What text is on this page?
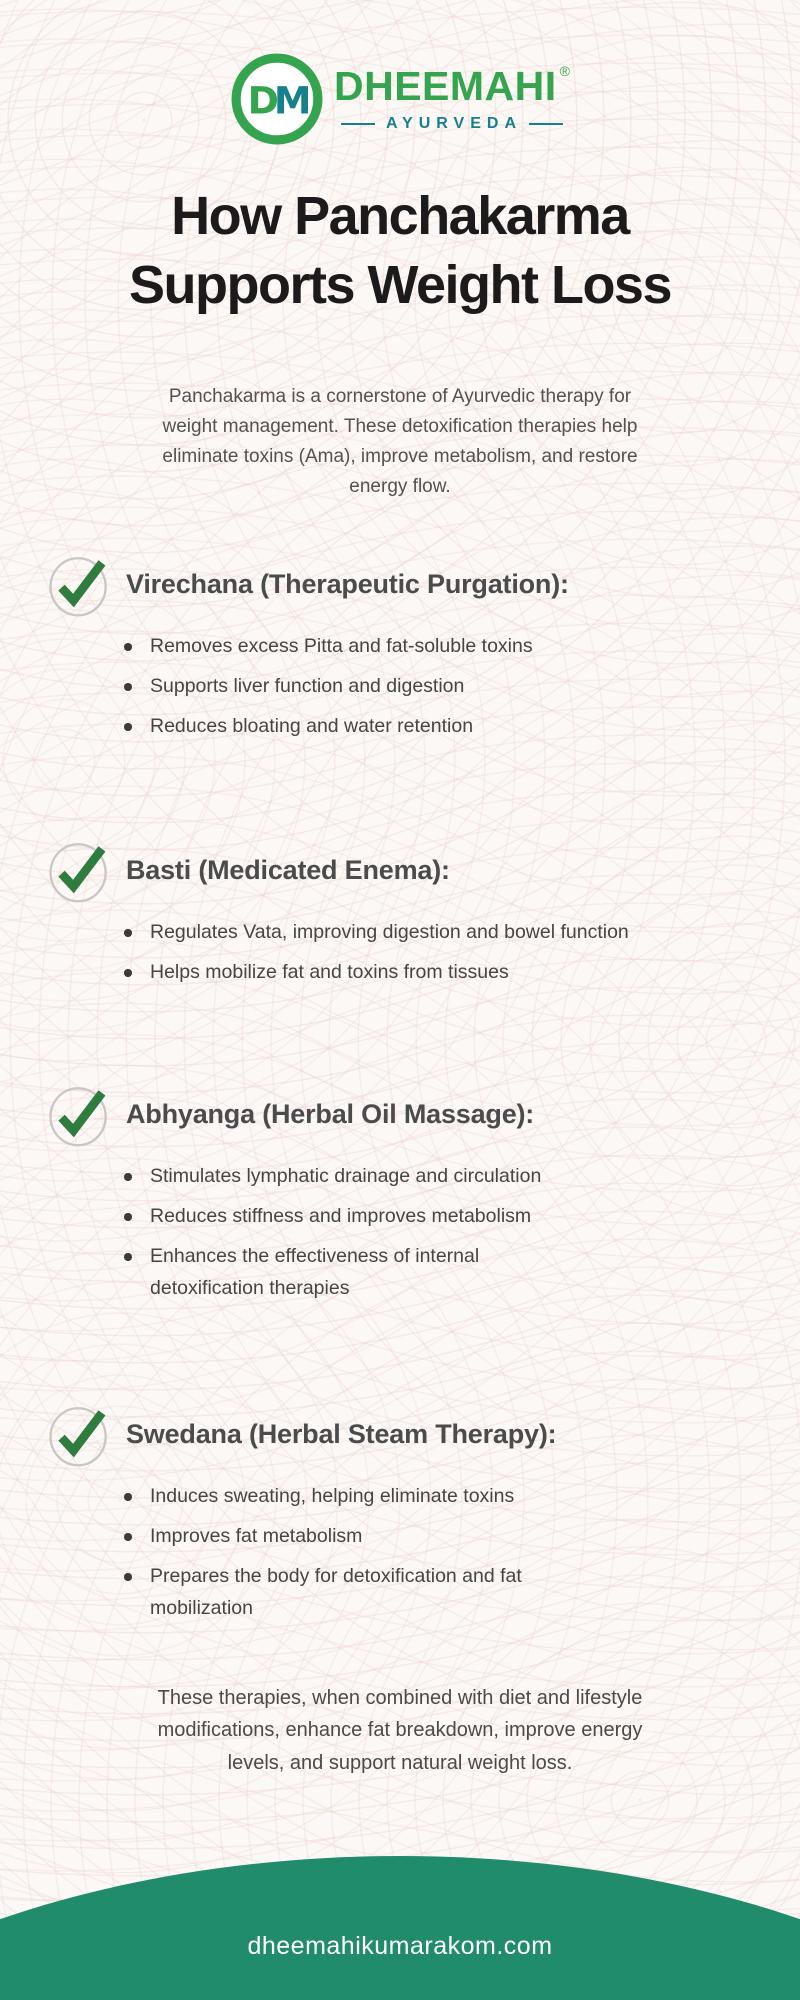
DM DHEEMAHI ®
AYURVEDA
How Panchakarma
Supports Weight Loss

Panchakarma is a cornerstone of Ayurvedic therapy for weight management. These detoxification therapies help eliminate toxins (Ama), improve metabolism, and restore energy flow.

Virechana (Therapeutic Purgation):
Removes excess Pitta and fat-soluble toxins
Supports liver function and digestion
Reduces bloating and water retention
Basti (Medicated Enema):
Regulates Vata, improving digestion and bowel function
Helps mobilize fat and toxins from tissues
Abhyanga (Herbal Oil Massage):
Stimulates lymphatic drainage and circulation
Reduces stiffness and improves metabolism
Enhances the effectiveness of internal detoxification therapies
Swedana (Herbal Steam Therapy):
Induces sweating, helping eliminate toxins
Improves fat metabolism
Prepares the body for detoxification and fat mobilization

These therapies, when combined with diet and lifestyle modifications, enhance fat breakdown, improve energy levels, and support natural weight loss.

dheemahikumarakom.com
